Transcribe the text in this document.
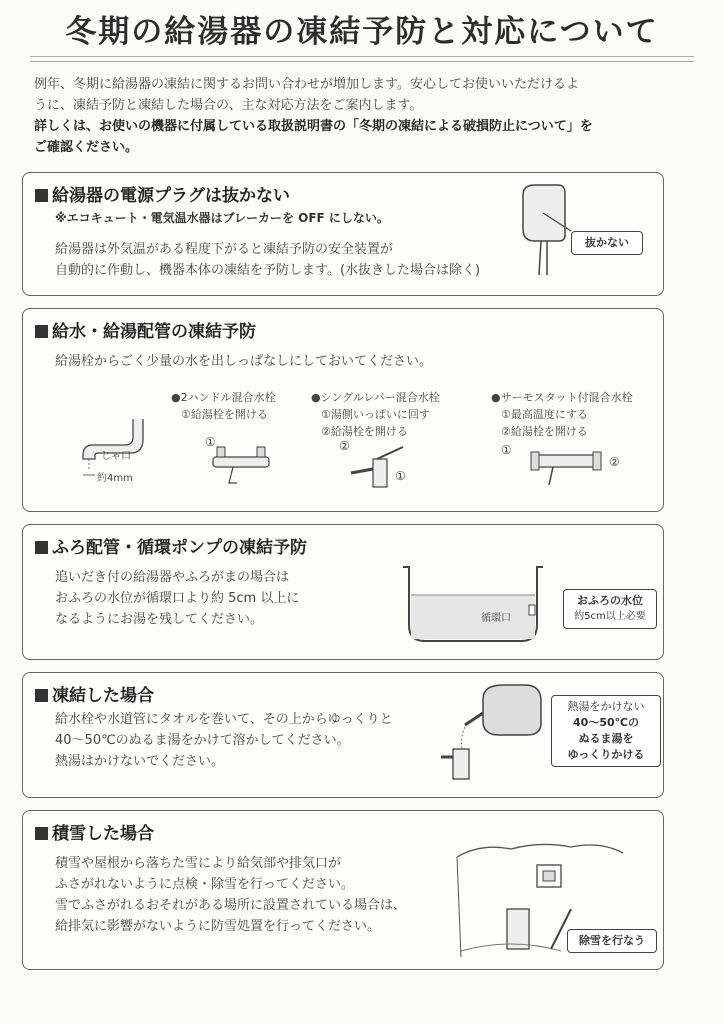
冬期の給湯器の凍結予防と対応について

例年、冬期に給湯器の凍結に関するお問い合わせが増加します。安心してお使いいただけるよ

うに、凍結予防と凍結した場合の、主な対応方法をご案内します。

詳しくは、お使いの機器に付属している取扱説明書の「冬期の凍結による破損防止について」を

ご確認ください。

給湯器の電源プラグは抜かない
※エコキュート・電気温水器はブレーカーを OFF にしない。

給湯器は外気温がある程度下がると凍結予防の安全装置が

自動的に作動し、機器本体の凍結を予防します。(水抜きした場合は除く)

抜かない
給水・給湯配管の凍結予防

給湯栓からごく少量の水を出しっぱなしにしておいてください。

じゃ口
約4mm
●2ハンドル混合水栓
①給湯栓を開ける
①
●シングルレバー混合水栓
①湯側いっぱいに回す
②給湯栓を開ける
②
①
●サーモスタット付混合水栓
①最高温度にする
②給湯栓を開ける
①
②
ふろ配管・循環ポンプの凍結予防

追いだき付の給湯器やふろがまの場合は

おふろの水位が循環口より約 5cm 以上に

なるようにお湯を残してください。	循環口
おふろの水位
約5cm以上必要
凍結した場合

給水栓や水道管にタオルを巻いて、その上からゆっくりと

40～50℃のぬるま湯をかけて溶かしてください。

熱湯はかけないでください。

熱湯をかけない
40～50℃の
ぬるま湯を
ゆっくりかける
積雪した場合

積雪や屋根から落ちた雪により給気部や排気口が

ふさがれないように点検・除雪を行ってください。

雪でふさがれるおそれがある場所に設置されている場合は、

給排気に影響がないように防雪処置を行ってください。

除雪を行なう
